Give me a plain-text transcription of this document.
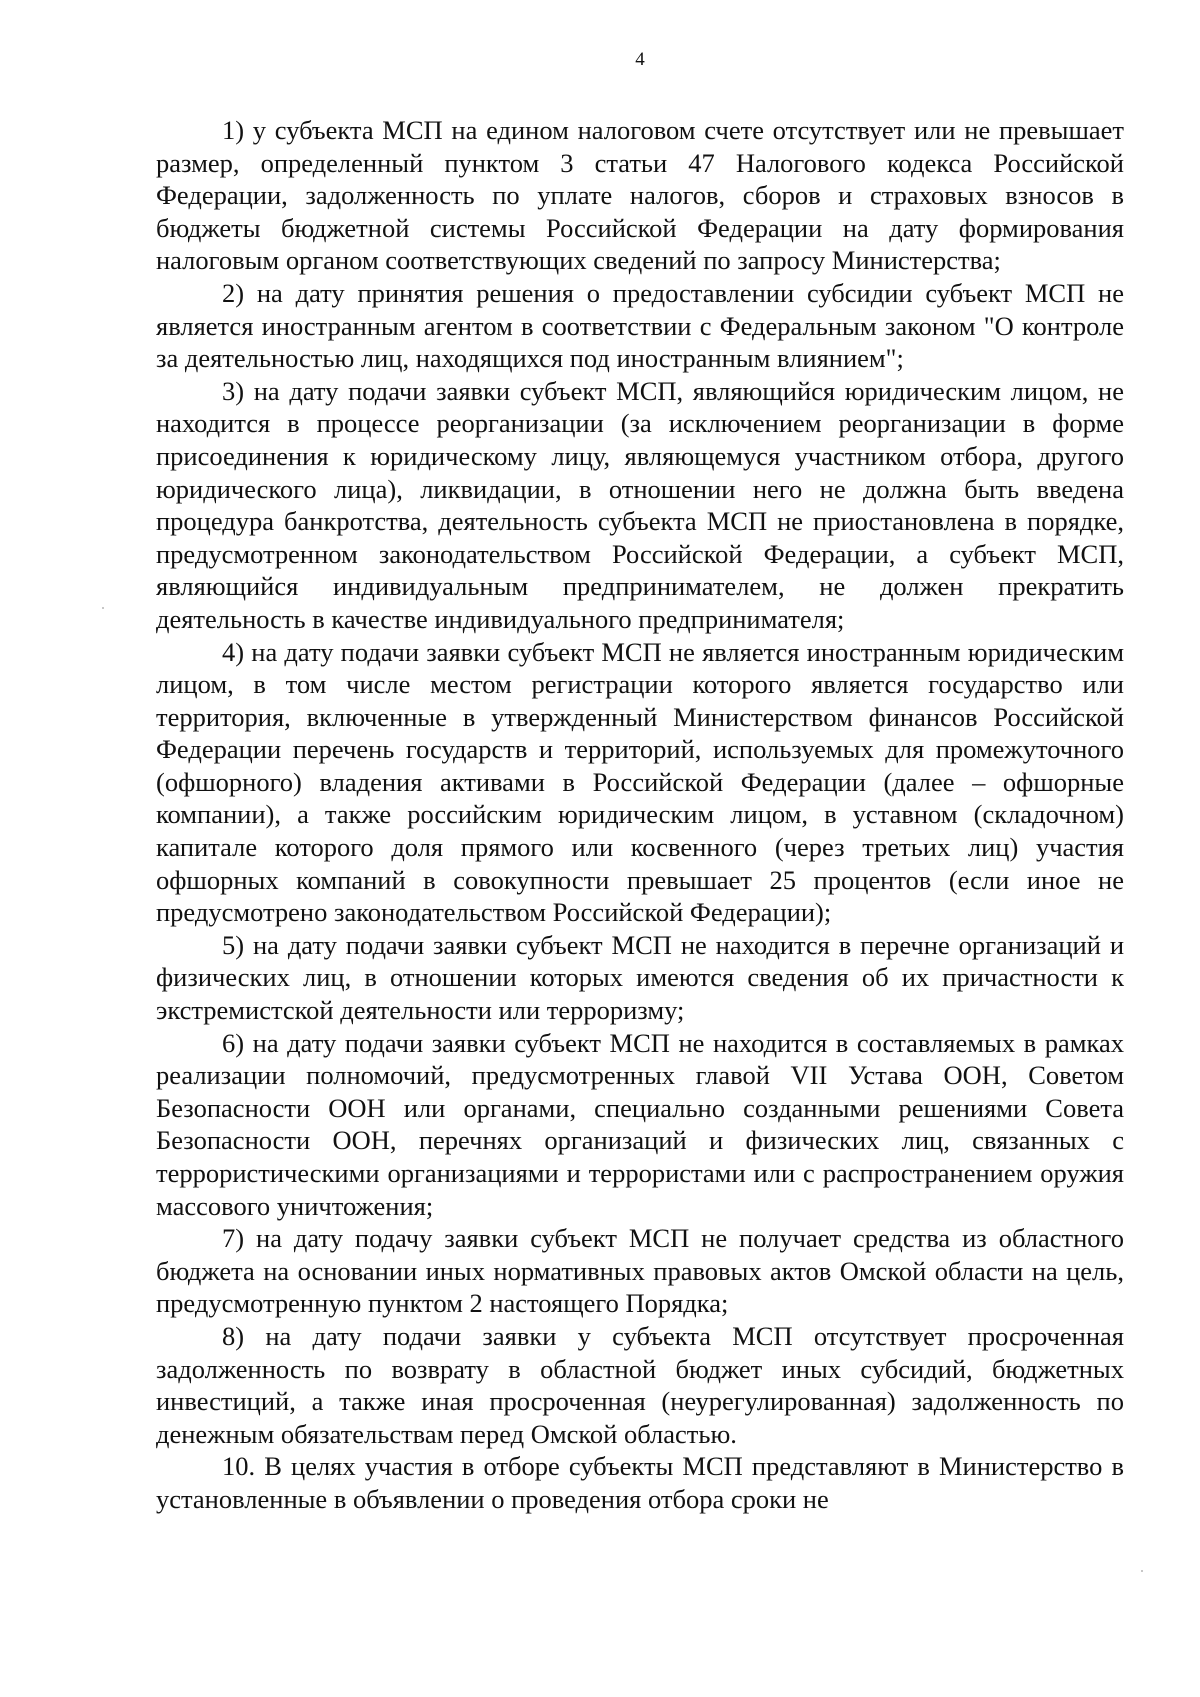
4

1) у субъекта МСП на едином налоговом счете отсутствует или не превышает размер, определенный пунктом 3 статьи 47 Налогового кодекса Российской Федерации, задолженность по уплате налогов, сборов и страховых взносов в бюджеты бюджетной системы Российской Федерации на дату формирования налоговым органом соответствующих сведений по запросу Министерства;

2) на дату принятия решения о предоставлении субсидии субъект МСП не является иностранным агентом в соответствии с Федеральным законом "О контроле за деятельностью лиц, находящихся под иностранным влиянием";

3) на дату подачи заявки субъект МСП, являющийся юридическим лицом, не находится в процессе реорганизации (за исключением реорганизации в форме присоединения к юридическому лицу, являющемуся участником отбора, другого юридического лица), ликвидации, в отношении него не должна быть введена процедура банкротства, деятельность субъекта МСП не приостановлена в порядке, предусмотренном законодательством Российской Федерации, а субъект МСП, являющийся индивидуальным предпринимателем, не должен прекратить деятельность в качестве индивидуального предпринимателя;

4) на дату подачи заявки субъект МСП не является иностранным юридическим лицом, в том числе местом регистрации которого является государство или территория, включенные в утвержденный Министерством финансов Российской Федерации перечень государств и территорий, используемых для промежуточного (офшорного) владения активами в Российской Федерации (далее – офшорные компании), а также российским юридическим лицом, в уставном (складочном) капитале которого доля прямого или косвенного (через третьих лиц) участия офшорных компаний в совокупности превышает 25 процентов (если иное не предусмотрено законодательством Российской Федерации);

5) на дату подачи заявки субъект МСП не находится в перечне организаций и физических лиц, в отношении которых имеются сведения об их причастности к экстремистской деятельности или терроризму;

6) на дату подачи заявки субъект МСП не находится в составляемых в рамках реализации полномочий, предусмотренных главой VII Устава ООН, Советом Безопасности ООН или органами, специально созданными решениями Совета Безопасности ООН, перечнях организаций и физических лиц, связанных с террористическими организациями и террористами или с распространением оружия массового уничтожения;

7) на дату подачу заявки субъект МСП не получает средства из областного бюджета на основании иных нормативных правовых актов Омской области на цель, предусмотренную пунктом 2 настоящего Порядка;

8) на дату подачи заявки у субъекта МСП отсутствует просроченная задолженность по возврату в областной бюджет иных субсидий, бюджетных инвестиций, а также иная просроченная (неурегулированная) задолженность по денежным обязательствам перед Омской областью.

10. В целях участия в отборе субъекты МСП представляют в Министерство в установленные в объявлении о проведения отбора сроки не
